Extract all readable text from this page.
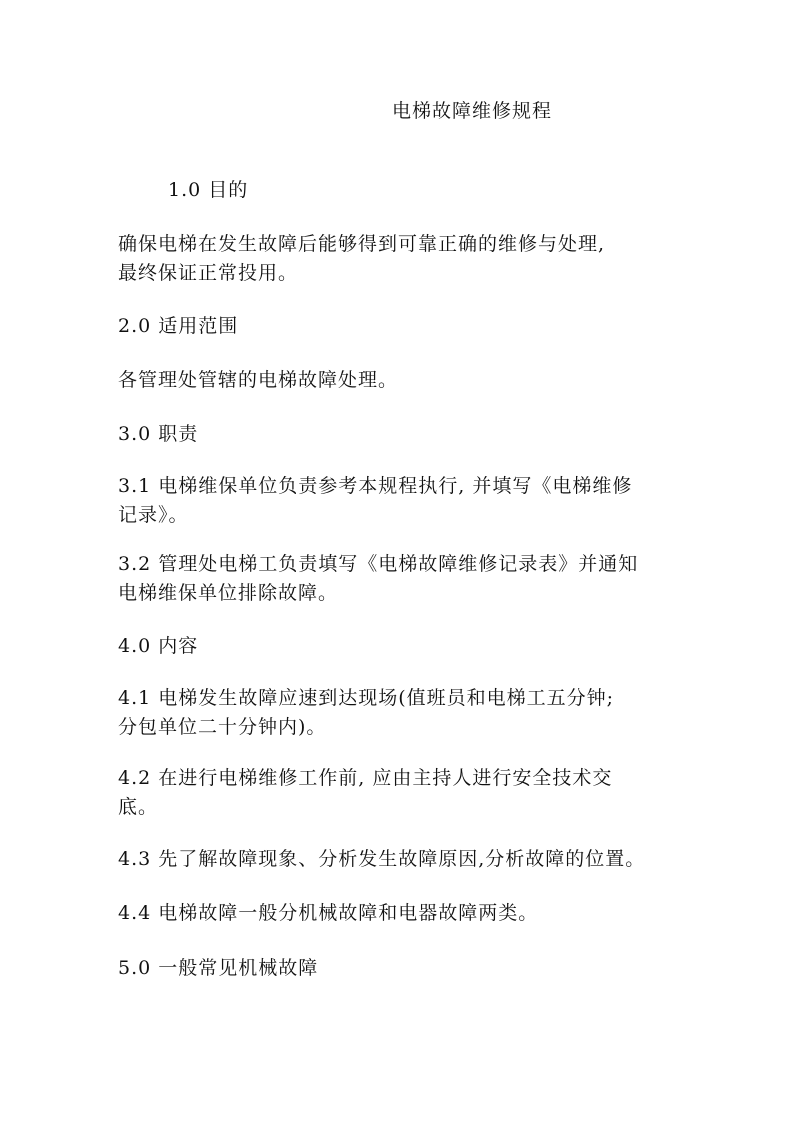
电梯故障维修规程
1.0 目的
确保电梯在发生故障后能够得到可靠正确的维修与处理,
最终保证正常投用。
2.0 适用范围
各管理处管辖的电梯故障处理。
3.0 职责
3.1 电梯维保单位负责参考本规程执行, 并填写《电梯维修
记录》。
3.2 管理处电梯工负责填写《电梯故障维修记录表》并通知
电梯维保单位排除故障。
4.0 内容
4.1 电梯发生故障应速到达现场(值班员和电梯工五分钟;
分包单位二十分钟内)。
4.2 在进行电梯维修工作前, 应由主持人进行安全技术交
底。
4.3 先了解故障现象、分析发生故障原因,分析故障的位置。
4.4 电梯故障一般分机械故障和电器故障两类。
5.0 一般常见机械故障
